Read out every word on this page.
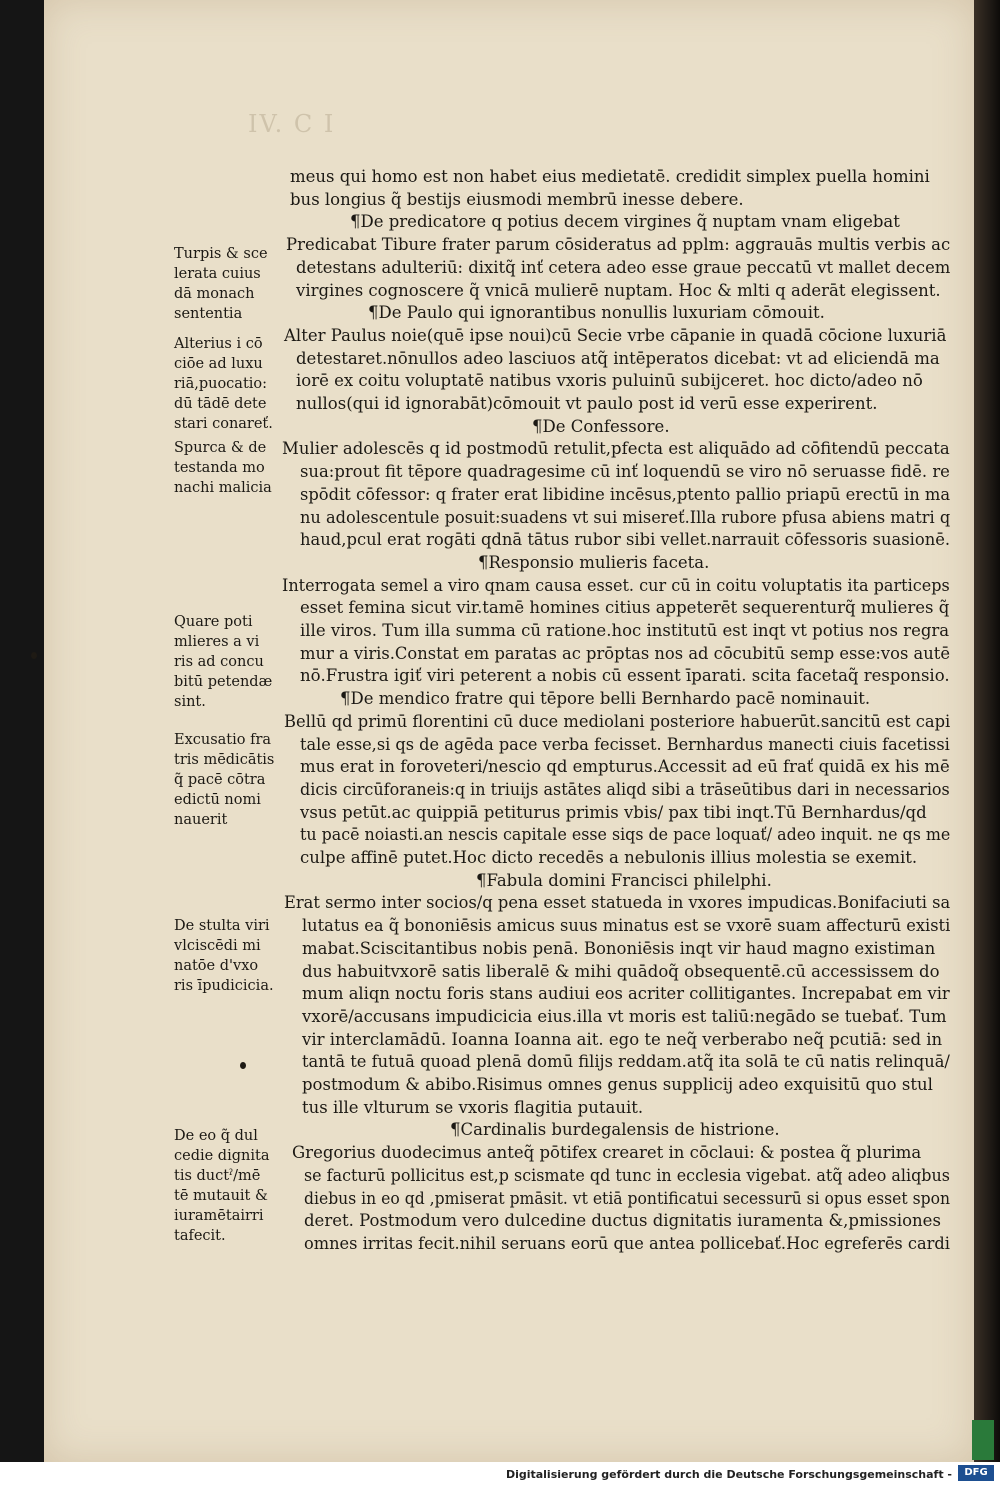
IV. C I
meus qui homo est non habet eius medietatē. credidit simplex puella homini
bus longius q̃ bestijs eiusmodi membrū inesse debere.
¶De predicatore q potius decem virgines q̃ nuptam vnam eligebat
Predicabat Tibure frater parum cōsideratus ad pplm: aggrauās multis verbis ac
detestans adulteriū: dixitq̃ inť cetera adeo esse graue peccatū vt mallet decem
virgines cognoscere q̃ vnicā mulierē nuptam. Hoc & mlti q aderāt elegissent.
¶De Paulo qui ignorantibus nonullis luxuriam cōmouit.
Alter Paulus noie(quē ipse noui)cū Secie vrbe cāpanie in quadā cōcione luxuriā
detestaret.nōnullos adeo lasciuos atq̃ intēperatos dicebat: vt ad eliciendā ma
iorē ex coitu voluptatē natibus vxoris puluinū subijceret. hoc dicto/adeo nō
nullos(qui id ignorabāt)cōmouit vt paulo post id verū esse experirent.
¶De Confessore.
Mulier adolescēs q id postmodū retulit,pfecta est aliquādo ad cōfitendū peccata
sua:prout fit tēpore quadragesime cū inť loquendū se viro nō seruasse fidē. re
spōdit cōfessor: q frater erat libidine incēsus,ptento pallio priapū erectū in ma
nu adolescentule posuit:suadens vt sui misereť.Illa rubore pfusa abiens matri q
haud,pcul erat rogāti qdnā tātus rubor sibi vellet.narrauit cōfessoris suasionē.
¶Responsio mulieris faceta.
Interrogata semel a viro qnam causa esset. cur cū in coitu voluptatis ita particeps
esset femina sicut vir.tamē homines citius appeterēt sequerenturq̃ mulieres q̃
ille viros. Tum illa summa cū ratione.hoc institutū est inqt vt potius nos regra
mur a viris.Constat em paratas ac prōptas nos ad cōcubitū semp esse:vos autē
nō.Frustra igiť viri peterent a nobis cū essent īparati. scita facetaq̃ responsio.
¶De mendico fratre qui tēpore belli Bernhardo pacē nominauit.
Bellū qd primū florentini cū duce mediolani posteriore habuerūt.sancitū est capi
tale esse,si qs de agēda pace verba fecisset. Bernhardus manecti ciuis facetissi
mus erat in foroveteri/nescio qd empturus.Accessit ad eū frať quidā ex his mē
dicis circūforaneis:q in triuijs astātes aliqd sibi a trāseūtibus dari in necessarios
vsus petūt.ac quippiā petiturus primis vbis/ pax tibi inqt.Tū Bernhardus/qd
tu pacē noiasti.an nescis capitale esse siqs de pace loquať/ adeo inquit. ne qs me
culpe affinē putet.Hoc dicto recedēs a nebulonis illius molestia se exemit.
¶Fabula domini Francisci philelphi.
Erat sermo inter socios/q pena esset statueda in vxores impudicas.Bonifaciuti sa
lutatus ea q̃ bononiēsis amicus suus minatus est se vxorē suam affecturū existi
mabat.Sciscitantibus nobis penā. Bononiēsis inqt vir haud magno existiman
dus habuitvxorē satis liberalē & mihi quādoq̃ obsequentē.cū accessissem do
mum aliqn noctu foris stans audiui eos acriter collitigantes. Increpabat em vir
vxorē/accusans impudicicia eius.illa vt moris est taliū:negādo se tuebať. Tum
vir interclamādū. Ioanna Ioanna ait. ego te neq̃ verberabo neq̃ pcutiā: sed in
tantā te futuā quoad plenā domū filijs reddam.atq̃ ita solā te cū natis relinquā/
postmodum & abibo.Risimus omnes genus supplicij adeo exquisitū quo stul
tus ille vlturum se vxoris flagitia putauit.
¶Cardinalis burdegalensis de histrione.
Gregorius duodecimus anteq̃ pōtifex crearet in cōclaui: & postea q̃ plurima
se facturū pollicitus est,p scismate qd tunc in ecclesia vigebat. atq̃ adeo aliqbus
diebus in eo qd ,pmiserat pmāsit. vt etiā pontificatui secessurū si opus esset spon
deret. Postmodum vero dulcedine ductus dignitatis iuramenta &,pmissiones
omnes irritas fecit.nihil seruans eorū que antea pollicebať.Hoc egreferēs cardi
Turpis & sce
lerata cuius
dā monach
sententia
Alterius i cō
ciōe ad luxu
riā,puocatio:
dū tādē dete
stari conareť.
Spurca & de
testanda mo
nachi malicia
Quare poti
mlieres a vi
ris ad concu
bitū petendæ
sint.
Excusatio fra
tris mēdicātis
q̃ pacē cōtra
edictū nomi
nauerit
De stulta viri
vlciscēdi mi
natōe d'vxo
ris īpudicicia.
De eo q̃ dul
cedie dignita
tis ductˀ/mē
tē mutauit &
iuramētairri
tafecit.
Digitalisierung gefördert durch die Deutsche Forschungsgemeinschaft -	DFG
